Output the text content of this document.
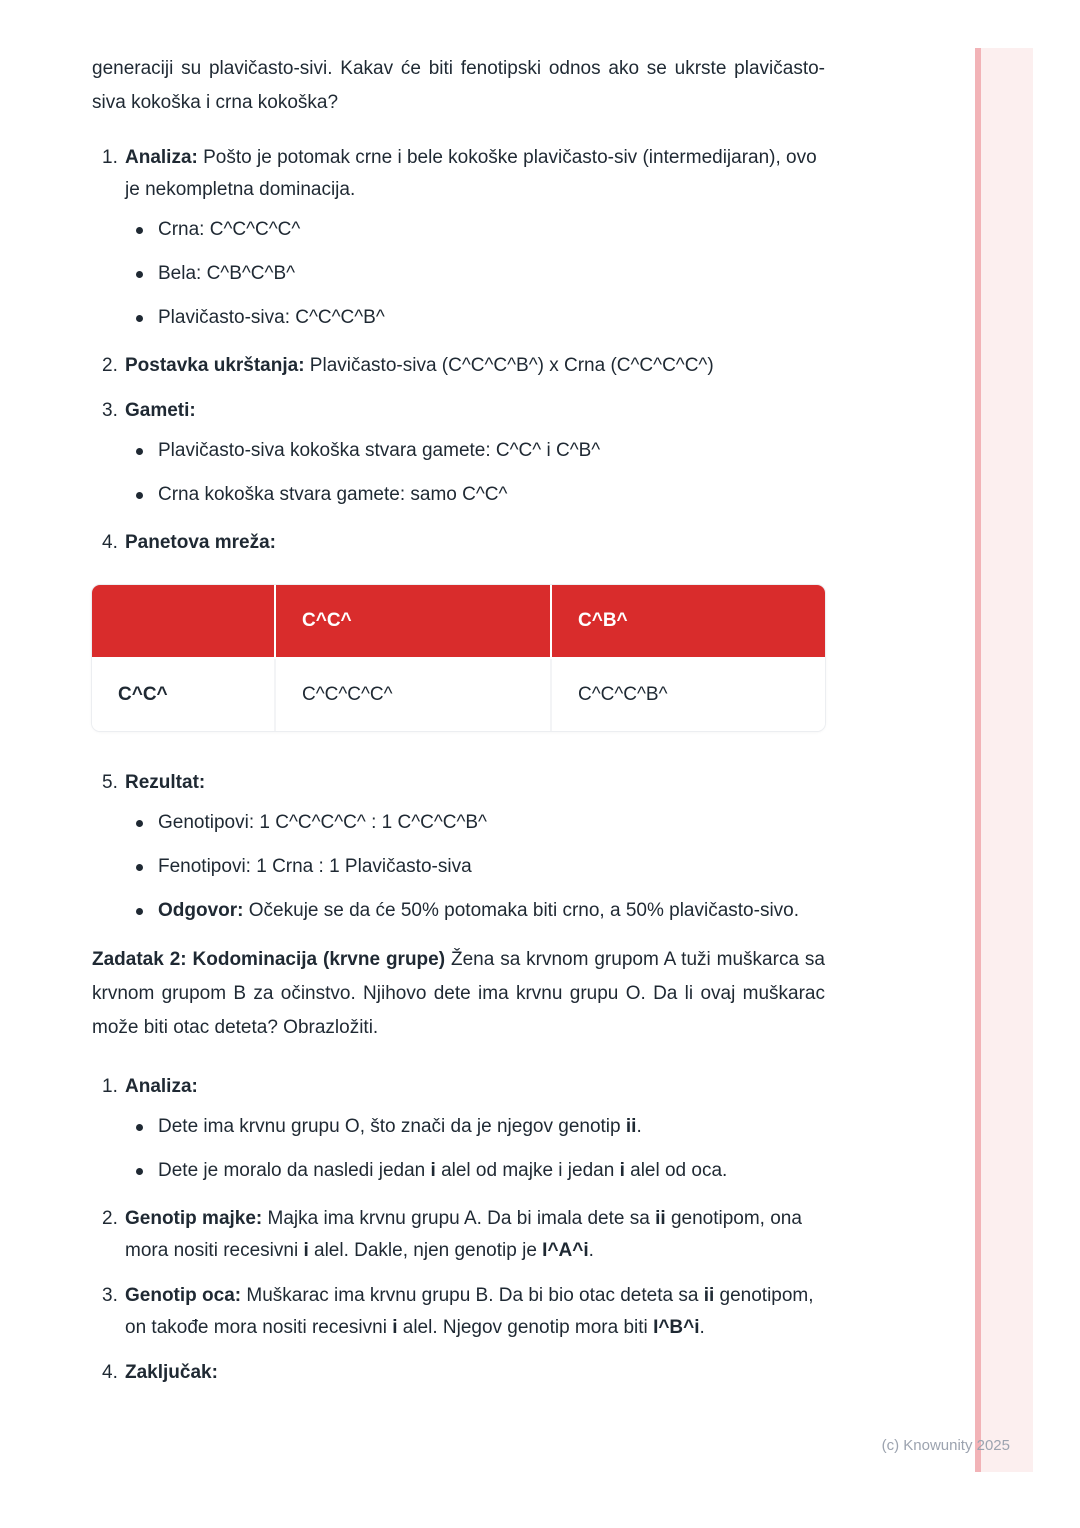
generaciji su plavičasto-sivi. Kakav će biti fenotipski odnos ako se ukrste plavičasto-siva kokoška i crna kokoška?

Analiza: Pošto je potomak crne i bele kokoške plavičasto-siv (intermedijaran), ovo je nekompletna dominacija.
Crna: C^C^C^C^
Bela: C^B^C^B^
Plavičasto-siva: C^C^C^B^
Postavka ukrštanja: Plavičasto-siva (C^C^C^B^) x Crna (C^C^C^C^)
Gameti:
Plavičasto-siva kokoška stvara gamete: C^C^ i C^B^
Crna kokoška stvara gamete: samo C^C^
Panetova mreža:
	C^C^	C^B^
C^C^	C^C^C^C^	C^C^C^B^
Rezultat:
Genotipovi: 1 C^C^C^C^ : 1 C^C^C^B^
Fenotipovi: 1 Crna : 1 Plavičasto-siva
Odgovor: Očekuje se da će 50% potomaka biti crno, a 50% plavičasto-sivo.

Zadatak 2: Kodominacija (krvne grupe) Žena sa krvnom grupom A tuži muškarca sa krvnom grupom B za očinstvo. Njihovo dete ima krvnu grupu O. Da li ovaj muškarac može biti otac deteta? Obrazložiti.

Analiza:
Dete ima krvnu grupu O, što znači da je njegov genotip ii.
Dete je moralo da nasledi jedan i alel od majke i jedan i alel od oca.
Genotip majke: Majka ima krvnu grupu A. Da bi imala dete sa ii genotipom, ona mora nositi recesivni i alel. Dakle, njen genotip je I^A^i.
Genotip oca: Muškarac ima krvnu grupu B. Da bi bio otac deteta sa ii genotipom, on takođe mora nositi recesivni i alel. Njegov genotip mora biti I^B^i.
Zaključak:
(c) Knowunity 2025
